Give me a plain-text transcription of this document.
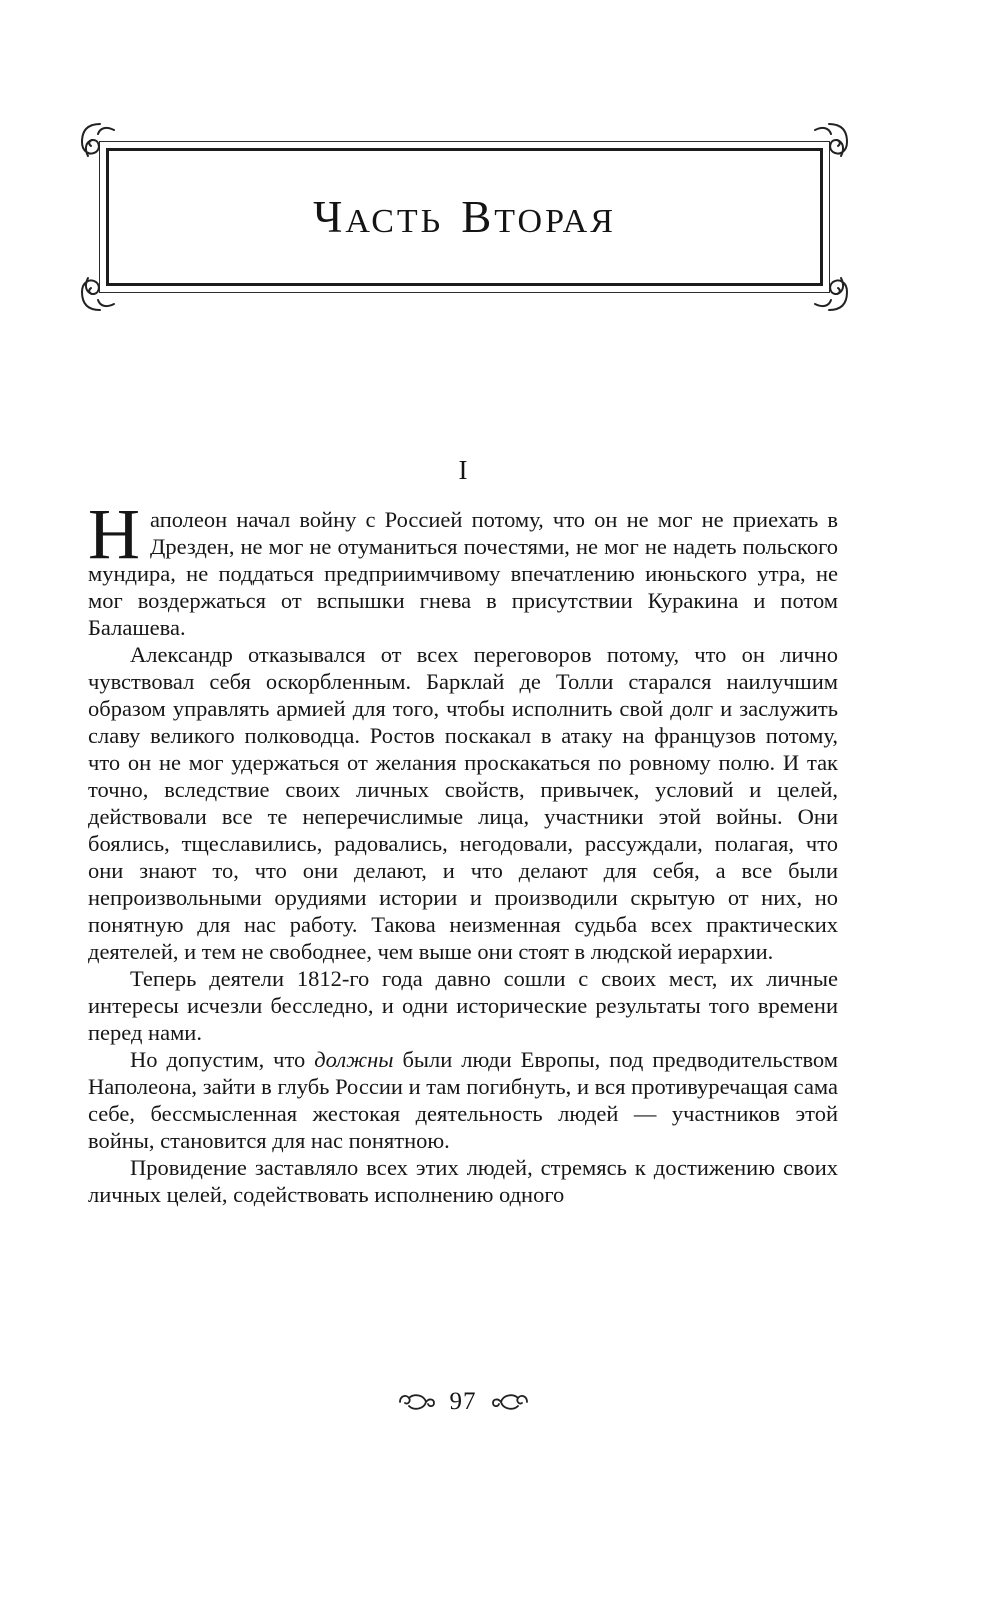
ЧАСТЬ ВТОРАЯ
I

Наполеон начал войну с Россией потому, что он не мог не приехать в Дрезден, не мог не отуманиться почестями, не мог не надеть польского мундира, не поддаться предприимчивому впечатлению июньского утра, не мог воздержаться от вспышки гнева в присутствии Куракина и потом Балашева.

Александр отказывался от всех переговоров потому, что он лично чувствовал себя оскорбленным. Барклай де Толли старался наилучшим образом управлять армией для того, чтобы исполнить свой долг и заслужить славу великого полководца. Ростов поскакал в атаку на французов потому, что он не мог удержаться от желания проскакаться по ровному полю. И так точно, вследствие своих личных свойств, привычек, условий и целей, действовали все те неперечислимые лица, участники этой войны. Они боялись, тщеславились, радовались, негодовали, рассуждали, полагая, что они знают то, что они делают, и что делают для себя, а все были непроизвольными орудиями истории и производили скрытую от них, но понятную для нас работу. Такова неизменная судьба всех практических деятелей, и тем не свободнее, чем выше они стоят в людской иерархии.

Теперь деятели 1812-го года давно сошли с своих мест, их личные интересы исчезли бесследно, и одни исторические результаты того времени перед нами.

Но допустим, что должны были люди Европы, под предводительством Наполеона, зайти в глубь России и там погибнуть, и вся противуречащая сама себе, бессмысленная жестокая деятельность людей — участников этой войны, становится для нас понятною.

Провидение заставляло всех этих людей, стремясь к достижению своих личных целей, содействовать исполнению одного

97
